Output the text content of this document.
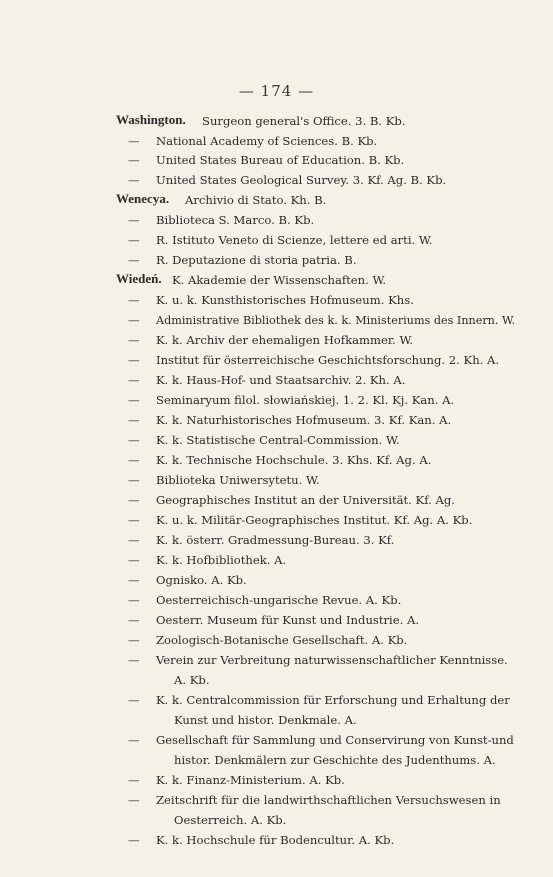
— 174 —
Washington. Surgeon general's Office. 3. B. Kb.
— National Academy of Sciences. B. Kb.
— United States Bureau of Education. B. Kb.
— United States Geological Survey. 3. Kf. Ag. B. Kb.
Wenecya. Archivio di Stato. Kh. B.
— Biblioteca S. Marco. B. Kb.
— R. Istituto Veneto di Scienze, lettere ed arti. W.
— R. Deputazione di storia patria. B.
Wiedeń. K. Akademie der Wissenschaften. W.
— K. u. k. Kunsthistorisches Hofmuseum. Khs.
— Administrative Bibliothek des k. k. Ministeriums des Innern. W.
— K. k. Archiv der ehemaligen Hofkammer. W.
— Institut für österreichische Geschichtsforschung. 2. Kh. A.
— K. k. Haus-Hof- und Staatsarchiv. 2. Kh. A.
— Seminaryum filol. słowiańskiej. 1. 2. Kl. Kj. Kan. A.
— K. k. Naturhistorisches Hofmuseum. 3. Kf. Kan. A.
— K. k. Statistische Central-Commission. W.
— K. k. Technische Hochschule. 3. Khs. Kf. Ag. A.
— Biblioteka Uniwersytetu. W.
— Geographisches Institut an der Universität. Kf. Ag.
— K. u. k. Militär-Geographisches Institut. Kf. Ag. A. Kb.
— K. k. österr. Gradmessung-Bureau. 3. Kf.
— K. k. Hofbibliothek. A.
— Ognisko. A. Kb.
— Oesterreichisch-ungarische Revue. A. Kb.
— Oesterr. Museum für Kunst und Industrie. A.
— Zoologisch-Botanische Gesellschaft. A. Kb.
— Verein zur Verbreitung naturwissenschaftlicher Kenntnisse.
A. Kb.
— K. k. Centralcommission für Erforschung und Erhaltung der
Kunst und histor. Denkmale. A.
— Gesellschaft für Sammlung und Conservirung von Kunst-und
histor. Denkmälern zur Geschichte des Judenthums. A.
— K. k. Finanz-Ministerium. A. Kb.
— Zeitschrift für die landwirthschaftlichen Versuchswesen in
Oesterreich. A. Kb.
— K. k. Hochschule für Bodencultur. A. Kb.
